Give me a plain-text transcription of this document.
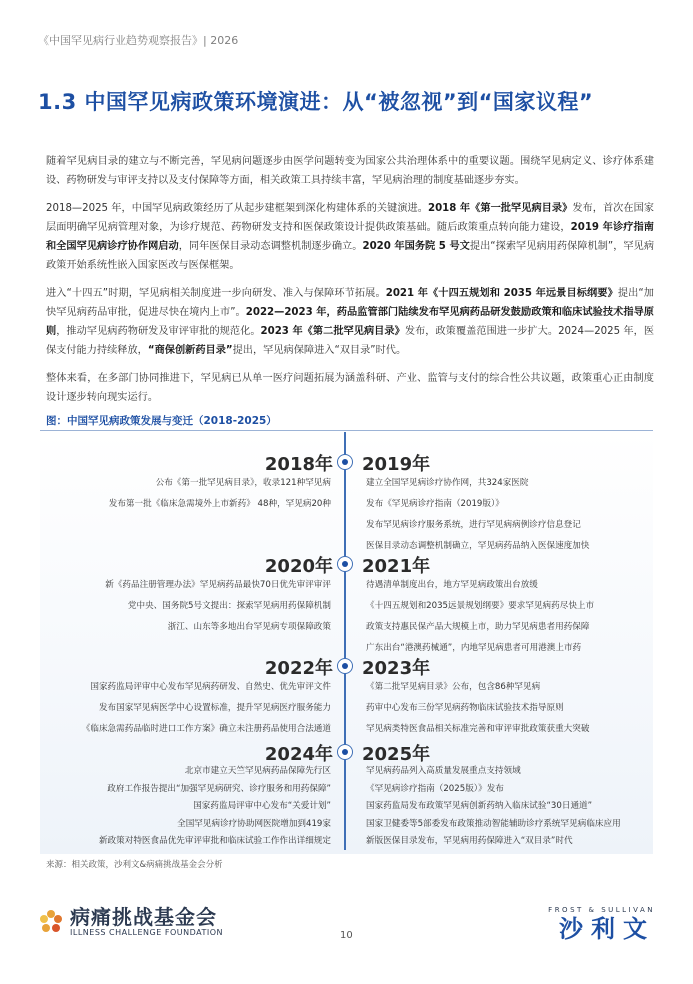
《中国罕见病行业趋势观察报告》| 2026
1.3 中国罕见病政策环境演进：从“被忽视”到“国家议程”

随着罕见病目录的建立与不断完善，罕见病问题逐步由医学问题转变为国家公共治理体系中的重要议题。围绕罕见病定义、诊疗体系建设、药物研发与审评支持以及支付保障等方面，相关政策工具持续丰富，罕见病治理的制度基础逐步夯实。

2018—2025 年，中国罕见病政策经历了从起步建框架到深化构建体系的关键演进。2018 年《第一批罕见病目录》发布，首次在国家层面明确罕见病管理对象，为诊疗规范、药物研发支持和医保政策设计提供政策基础。随后政策重点转向能力建设，2019 年诊疗指南和全国罕见病诊疗协作网启动，同年医保目录动态调整机制逐步确立。2020 年国务院 5 号文提出“探索罕见病用药保障机制”，罕见病政策开始系统性嵌入国家医改与医保框架。

进入“十四五”时期，罕见病相关制度进一步向研发、准入与保障环节拓展。2021 年《十四五规划和 2035 年远景目标纲要》提出“加快罕见病药品审批，促进尽快在境内上市”。2022—2023 年，药品监管部门陆续发布罕见病药品研发鼓励政策和临床试验技术指导原则，推动罕见病药物研发及审评审批的规范化。2023 年《第二批罕见病目录》发布，政策覆盖范围进一步扩大。2024—2025 年，医保支付能力持续释放，“商保创新药目录”提出，罕见病保障进入“双目录”时代。

整体来看，在多部门协同推进下，罕见病已从单一医疗问题拓展为涵盖科研、产业、监管与支付的综合性公共议题，政策重心正由制度设计逐步转向现实运行。

图：中国罕见病政策发展与变迁（2018-2025）
2018年 2019年
公布《第一批罕见病目录》，收录121种罕见病
发布第一批《临床急需境外上市新药》 48种，罕见病20种
建立全国罕见病诊疗协作网，共324家医院
发布《罕见病诊疗指南（2019版）》
发布罕见病诊疗服务系统，进行罕见病病例诊疗信息登记
医保目录动态调整机制确立，罕见病药品纳入医保速度加快
2020年 2021年
新《药品注册管理办法》罕见病药品最快70日优先审评审评
党中央、国务院5号文提出：探索罕见病用药保障机制
浙江、山东等多地出台罕见病专项保障政策
待遇清单制度出台，地方罕见病政策出台放缓
《十四五规划和2035远景规划纲要》要求罕见病药尽快上市
政策支持惠民保产品大规模上市，助力罕见病患者用药保障
广东出台“港澳药械通”，内地罕见病患者可用港澳上市药
2022年 2023年
国家药监局评审中心发布罕见病药研发、自然史、优先审评文件
发布国家罕见病医学中心设置标准，提升罕见病医疗服务能力
《临床急需药品临时进口工作方案》确立未注册药品使用合法通道
《第二批罕见病目录》公布，包含86种罕见病
药审中心发布三份罕见病药物临床试验技术指导原则
罕见病类特医食品相关标准完善和审评审批政策获重大突破
2024年 2025年
北京市建立天竺罕见病药品保障先行区
政府工作报告提出“加强罕见病研究、诊疗服务和用药保障”
国家药监局评审中心发布“关爱计划”
全国罕见病诊疗协助网医院增加到419家
新政策对特医食品优先审评审批和临床试验工作作出详细规定
罕见病药品列入高质量发展重点支持领域
《罕见病诊疗指南（2025版）》发布
国家药监局发布政策罕见病创新药纳入临床试验“30日通道”
国家卫健委等5部委发布政策推动智能辅助诊疗系统罕见病临床应用
新版医保目录发布，罕见病用药保障进入“双目录”时代
来源：相关政策，沙利文&病痛挑战基金会分析
病痛挑战基金会
ILLNESS CHALLENGE FOUNDATION	10
FROST & SULLIVAN
沙利文
